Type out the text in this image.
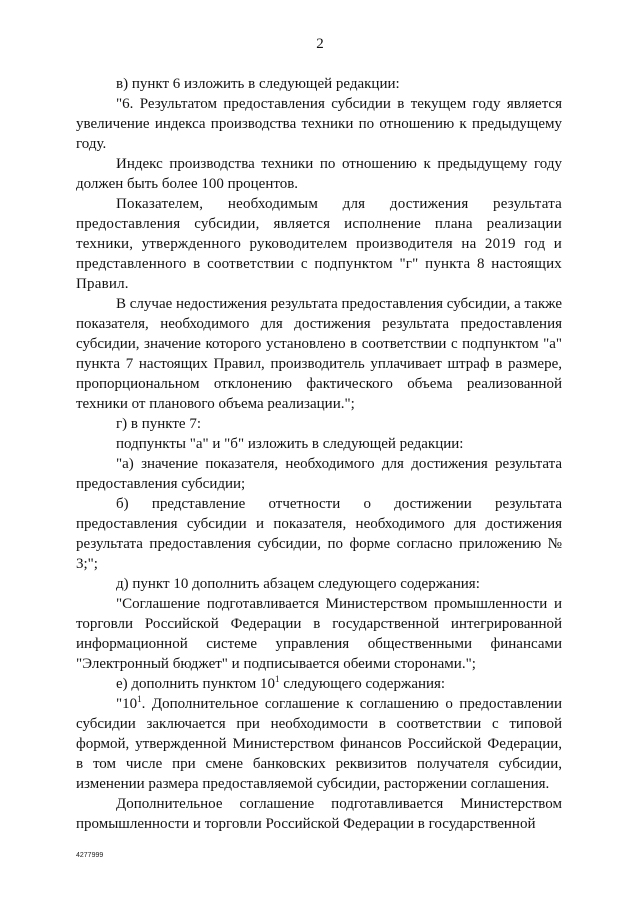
2

в) пункт 6 изложить в следующей редакции:

"6. Результатом предоставления субсидии в текущем году является увеличение индекса производства техники по отношению к предыдущему году.

Индекс производства техники по отношению к предыдущему году должен быть более 100 процентов.

Показателем, необходимым для достижения результата предоставления субсидии, является исполнение плана реализации техники, утвержденного руководителем производителя на 2019 год и представленного в соответствии с подпунктом "г" пункта 8 настоящих Правил.

В случае недостижения результата предоставления субсидии, а также показателя, необходимого для достижения результата предоставления субсидии, значение которого установлено в соответствии с подпунктом "а" пункта 7 настоящих Правил, производитель уплачивает штраф в размере, пропорциональном отклонению фактического объема реализованной техники от планового объема реализации.";

г) в пункте 7:

подпункты "а" и "б" изложить в следующей редакции:

"а) значение показателя, необходимого для достижения результата предоставления субсидии;

б) представление отчетности о достижении результата предоставления субсидии и показателя, необходимого для достижения результата предоставления субсидии, по форме согласно приложению № 3;";

д) пункт 10 дополнить абзацем следующего содержания:

"Соглашение подготавливается Министерством промышленности и торговли Российской Федерации в государственной интегрированной информационной системе управления общественными финансами "Электронный бюджет" и подписывается обеими сторонами.";

е) дополнить пунктом $10^1$ следующего содержания:

"$10^1$. Дополнительное соглашение к соглашению о предоставлении субсидии заключается при необходимости в соответствии с типовой формой, утвержденной Министерством финансов Российской Федерации, в том числе при смене банковских реквизитов получателя субсидии, изменении размера предоставляемой субсидии, расторжении соглашения.

Дополнительное соглашение подготавливается Министерством промышленности и торговли Российской Федерации в государственной

4277999
